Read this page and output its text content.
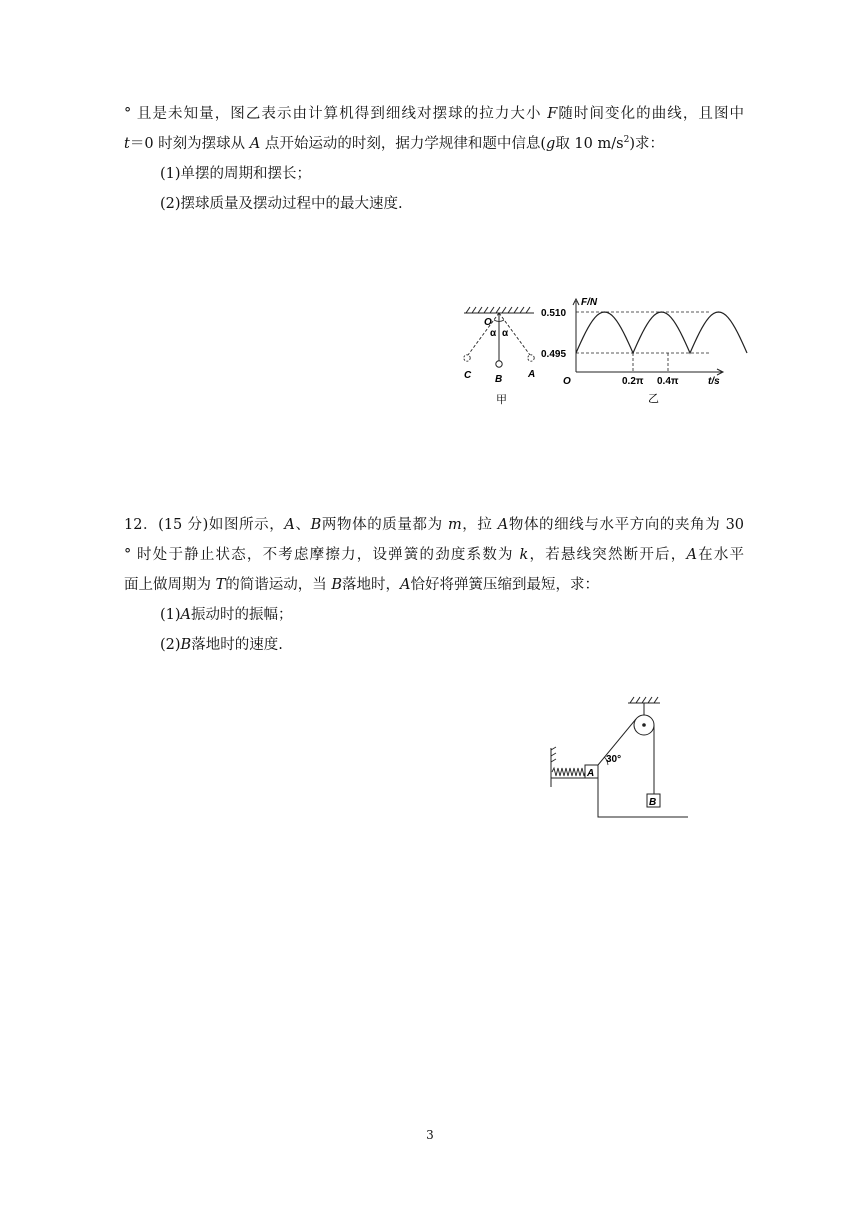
° 且是未知量，图乙表示由计算机得到细线对摆球的拉力大小 F随时间变化的曲线，且图中
t＝0 时刻为摆球从 A 点开始运动的时刻，据力学规律和题中信息(g取 10 $m/s^2$)求：
(1)单摆的周期和摆长；
(2)摆球质量及摆动过程中的最大速度.
O
α α
C B	A
甲
F/N
0.510
0.495
O	0.2π 0.4π	t/s
乙
12．(15 分)如图所示，A、B两物体的质量都为 m，拉 A物体的细线与水平方向的夹角为 30
° 时处于静止状态，不考虑摩擦力，设弹簧的劲度系数为 k，若悬线突然断开后，A在水平
面上做周期为 T的简谐运动，当 B落地时，A恰好将弹簧压缩到最短，求：
(1)A振动时的振幅；
(2)B落地时的速度.
A
30°
B
3
